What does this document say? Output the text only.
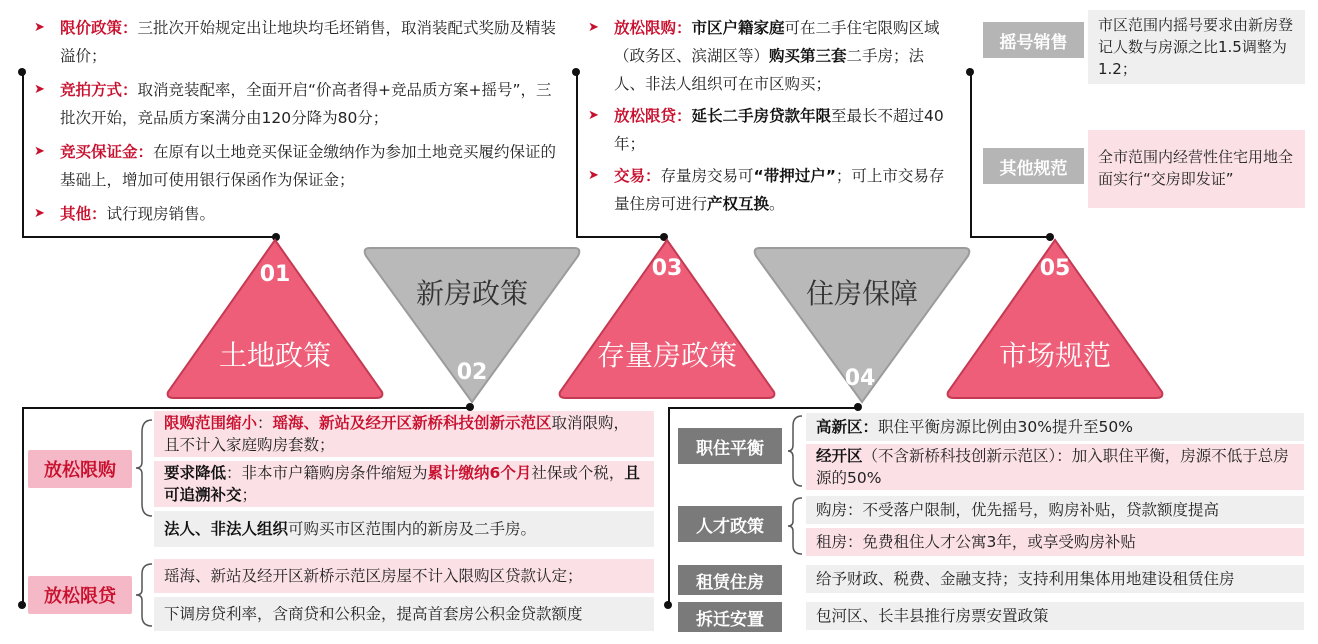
➤ 限价政策：三批次开始规定出让地块均毛坯销售，取消装配式奖励及精装溢价；
➤ 竞拍方式：取消竞装配率，全面开启“价高者得+竞品质方案+摇号”，三批次开始，竞品质方案满分由120分降为80分；
➤ 竞买保证金：在原有以土地竞买保证金缴纳作为参加土地竞买履约保证的基础上，增加可使用银行保函作为保证金；
➤ 其他：试行现房销售。
➤ 放松限购：市区户籍家庭可在二手住宅限购区域（政务区、滨湖区等）购买第三套二手房；法人、非法人组织可在市区购买；
➤ 放松限贷：延长二手房贷款年限至最长不超过40年；
➤ 交易：存量房交易可“带押过户”；可上市交易存量住房可进行产权互换。
摇号销售
市区范围内摇号要求由新房登记人数与房源之比1.5调整为1.2；
其他规范
全市范围内经营性住宅用地全面实行“交房即发证”
01
土地政策
新房政策
02
03
存量房政策
住房保障
04
05
市场规范
放松限购
限购范围缩小：瑶海、新站及经开区新桥科技创新示范区取消限购，且不计入家庭购房套数；
要求降低：非本市户籍购房条件缩短为累计缴纳6个月社保或个税，且可追溯补交；
法人、非法人组织可购买市区范围内的新房及二手房。
放松限贷
瑶海、新站及经开区新桥示范区房屋不计入限购区贷款认定；
下调房贷利率，含商贷和公积金，提高首套房公积金贷款额度
职住平衡
高新区：职住平衡房源比例由30%提升至50%
经开区（不含新桥科技创新示范区）：加入职住平衡，房源不低于总房源的50%
人才政策
购房：不受落户限制，优先摇号，购房补贴，贷款额度提高
租房：免费租住人才公寓3年，或享受购房补贴
租赁住房	给予财政、税费、金融支持；支持利用集体用地建设租赁住房
拆迁安置	包河区、长丰县推行房票安置政策
